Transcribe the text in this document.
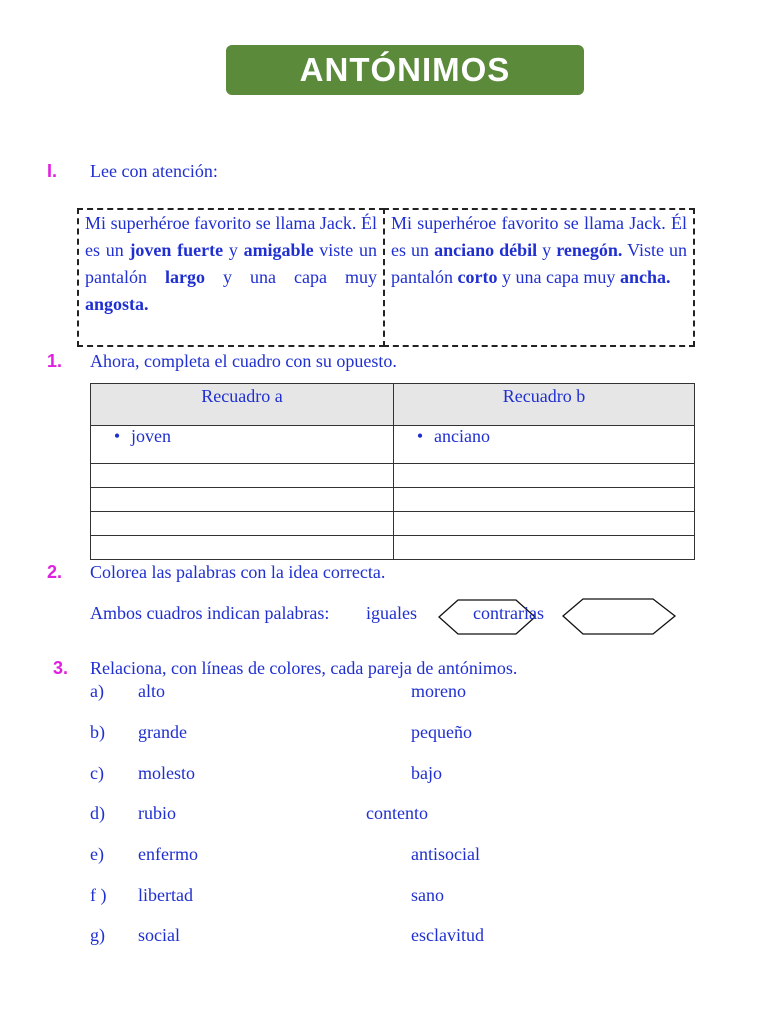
ANTÓNIMOS
I. Lee con atención:
Mi superhéroe favorito se llama Jack. Él es un joven fuerte y amigable viste un pantalón largo y una capa muy angosta.
Mi superhéroe favorito se llama Jack. Él es un anciano débil y renegón. Viste un pantalón corto y una capa muy ancha.
1. Ahora, completa el cuadro con su opuesto.
Recuadro a	Recuadro b
• joven	• anciano

2. Colorea las palabras con la idea correcta.
Ambos cuadros indican palabras: iguales	contrarias
3. Relaciona, con líneas de colores, cada pareja de antónimos.
a) alto	moreno
b) grande	pequeño
c) molesto	bajo
d) rubio	contento
e) enfermo	antisocial
f ) libertad	sano
g) social	esclavitud
